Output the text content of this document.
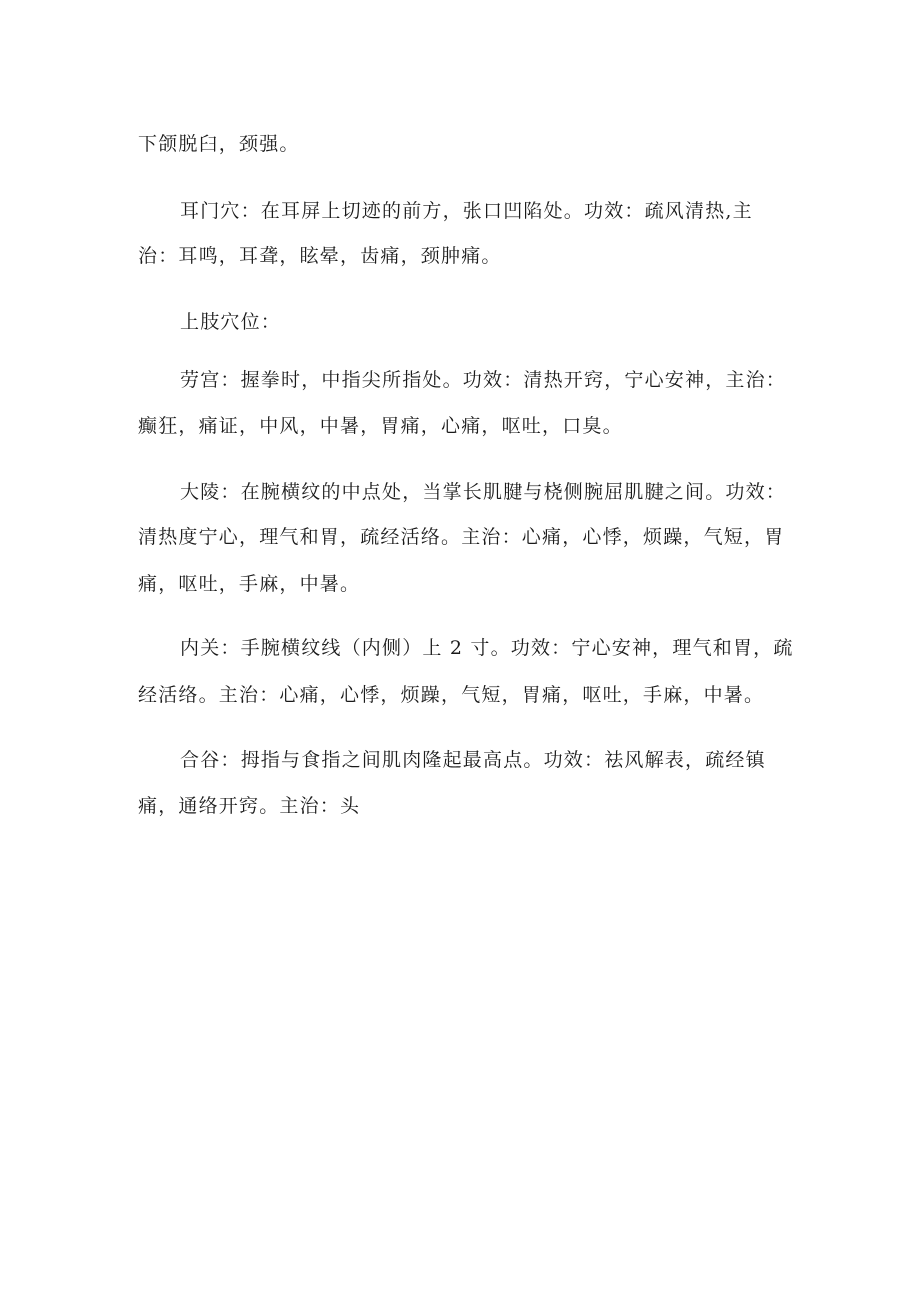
下颌脱臼，颈强。
耳门穴：在耳屏上切迹的前方，张口凹陷处。功效：疏风清热,主
治：耳鸣，耳聋，眩晕，齿痛，颈肿痛。
上肢穴位：
劳宫：握拳时，中指尖所指处。功效：清热开窍，宁心安神，主治：
癫狂，痛证，中风，中暑，胃痛，心痛，呕吐，口臭。
大陵：在腕横纹的中点处，当掌长肌腱与桡侧腕屈肌腱之间。功效：
清热度宁心，理气和胃，疏经活络。主治：心痛，心悸，烦躁，气短，胃
痛，呕吐，手麻，中暑。
内关：手腕横纹线（内侧）上 2 寸。功效：宁心安神，理气和胃，疏
经活络。主治：心痛，心悸，烦躁，气短，胃痛，呕吐，手麻，中暑。
合谷：拇指与食指之间肌肉隆起最高点。功效：祛风解表，疏经镇
痛，通络开窍。主治：头
